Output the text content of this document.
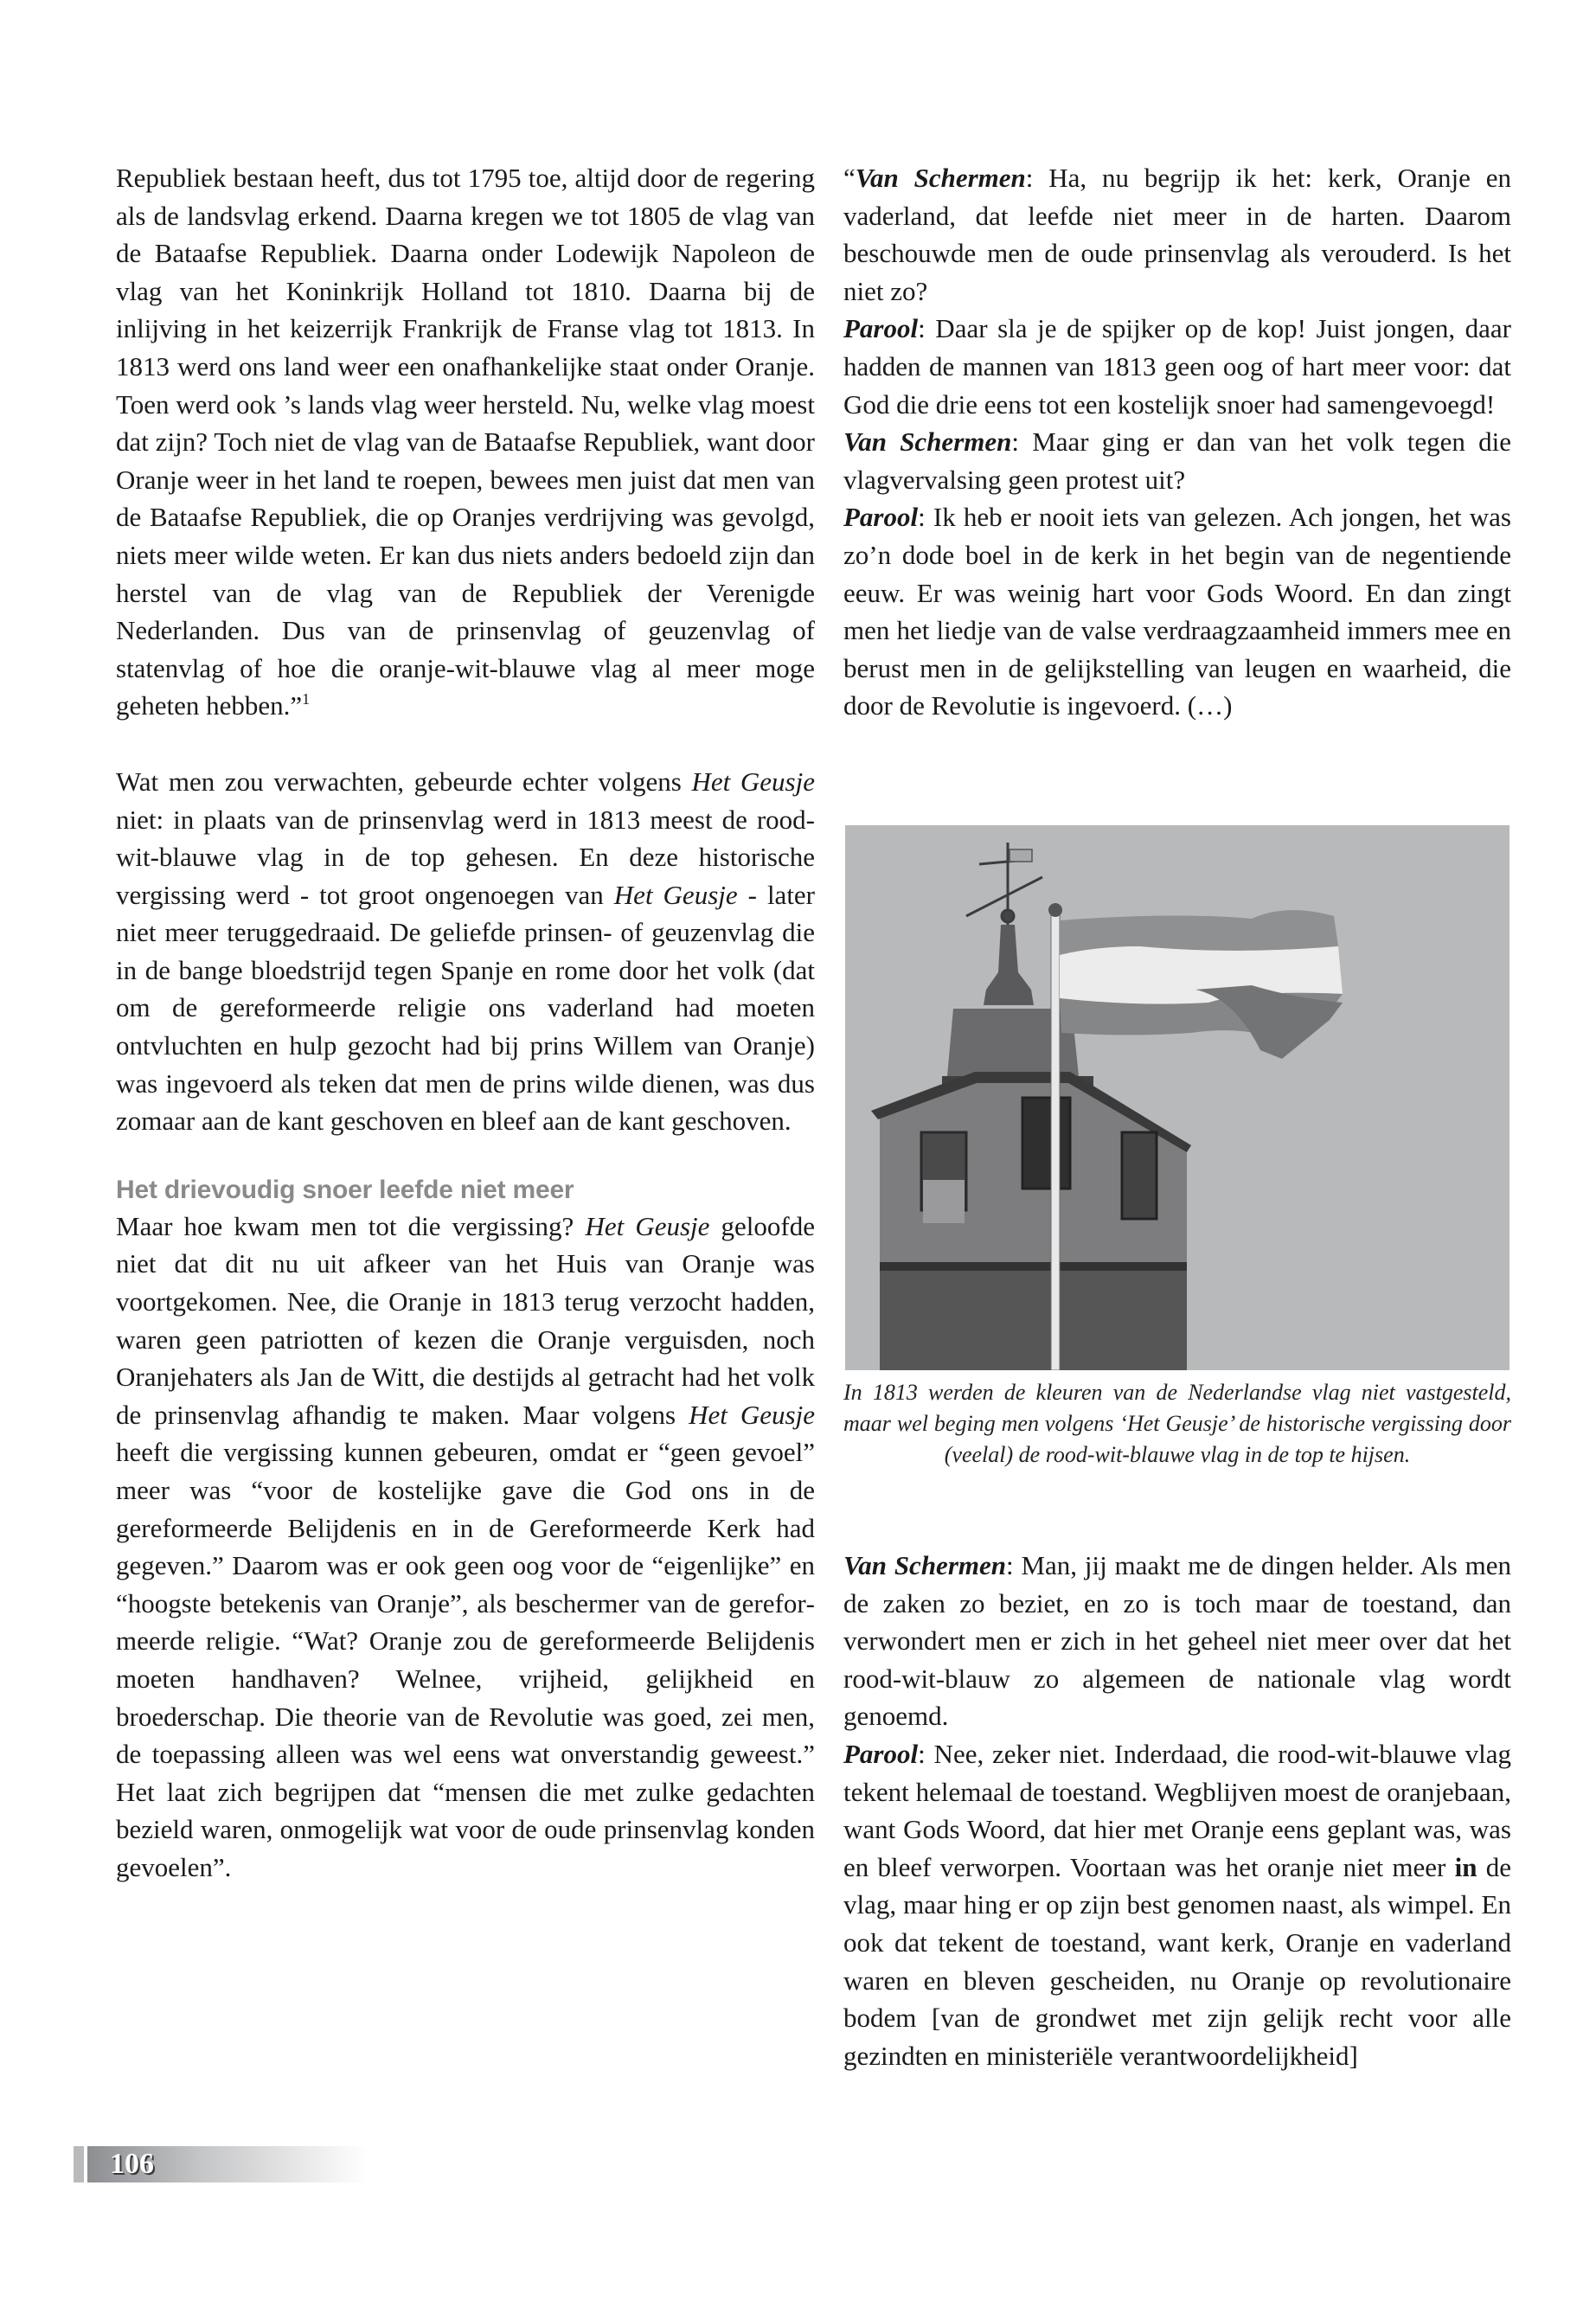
Republiek bestaan heeft, dus tot 1795 toe, altijd door de regering als de landsvlag erkend. Daarna kregen we tot 1805 de vlag van de Bataafse Republiek. Daarna onder Lodewijk Napoleon de vlag van het Koninkrijk Holland tot 1810. Daarna bij de inlijving in het keizerrijk Frankrijk de Franse vlag tot 1813. In 1813 werd ons land weer een onafhankelijke staat onder Oranje. Toen werd ook ’s lands vlag weer hersteld. Nu, welke vlag moest dat zijn? Toch niet de vlag van de Bataafse Republiek, want door Oranje weer in het land te roepen, bewees men juist dat men van de Bataafse Republiek, die op Oranjes verdrijving was gevolgd, niets meer wilde weten. Er kan dus niets anders bedoeld zijn dan herstel van de vlag van de Republiek der Verenigde Nederlanden. Dus van de prinsenvlag of geuzenvlag of statenvlag of hoe die oranje-wit-blauwe vlag al meer moge geheten hebben.”$^1$

Wat men zou verwachten, gebeurde echter volgens Het Geusje niet: in plaats van de prinsenvlag werd in 1813 meest de rood-wit-blauwe vlag in de top gehesen. En deze historische vergissing werd - tot groot ongenoegen van Het Geusje - later niet meer teruggedraaid. De geliefde prinsen- of geuzenvlag die in de bange bloedstrijd tegen Spanje en rome door het volk (dat om de gereformeerde religie ons vaderland had moeten ontvluchten en hulp gezocht had bij prins Willem van Oranje) was ingevoerd als teken dat men de prins wilde dienen, was dus zomaar aan de kant geschoven en bleef aan de kant geschoven.

Het drievoudig snoer leefde niet meer

Maar hoe kwam men tot die vergissing? Het Geusje geloofde niet dat dit nu uit afkeer van het Huis van Oranje was voortgekomen. Nee, die Oranje in 1813 terug verzocht hadden, waren geen patriotten of kezen die Oranje verguisden, noch Oranjehaters als Jan de Witt, die destijds al getracht had het volk de prinsenvlag afhandig te maken. Maar volgens Het Geusje heeft die vergissing kunnen gebeuren, omdat er “geen gevoel” meer was “voor de kostelijke gave die God ons in de gereformeerde Belijdenis en in de Gereformeerde Kerk had gegeven.” Daarom was er ook geen oog voor de “eigenlijke” en “hoogste betekenis van Oranje”, als beschermer van de gereformeerde religie. “Wat? Oranje zou de gereformeerde Belijdenis moeten handhaven? Welnee, vrijheid, gelijkheid en broederschap. Die theorie van de Revolutie was goed, zei men, de toepassing alleen was wel eens wat onverstandig geweest.” Het laat zich begrijpen dat “mensen die met zulke gedachten bezield waren, onmogelijk wat voor de oude prinsenvlag konden gevoelen”.

“Van Schermen: Ha, nu begrijp ik het: kerk, Oranje en vaderland, dat leefde niet meer in de harten. Daarom beschouwde men de oude prinsenvlag als verouderd. Is het niet zo?

Parool: Daar sla je de spijker op de kop! Juist jongen, daar hadden de mannen van 1813 geen oog of hart meer voor: dat God die drie eens tot een kostelijk snoer had samengevoegd!

Van Schermen: Maar ging er dan van het volk tegen die vlagvervalsing geen protest uit?

Parool: Ik heb er nooit iets van gelezen. Ach jongen, het was zo’n dode boel in de kerk in het begin van de negentiende eeuw. Er was weinig hart voor Gods Woord. En dan zingt men het liedje van de valse verdraagzaamheid immers mee en berust men in de gelijkstelling van leugen en waarheid, die door de Revolutie is ingevoerd. (…)

In 1813 werden de kleuren van de Nederlandse vlag niet vastgesteld, maar wel beging men volgens ‘Het Geusje’ de historische vergissing door (veelal) de rood-wit-blauwe vlag in de top te hijsen.

Van Schermen: Man, jij maakt me de dingen helder. Als men de zaken zo beziet, en zo is toch maar de toestand, dan verwondert men er zich in het geheel niet meer over dat het rood-wit-blauw zo algemeen de nationale vlag wordt genoemd.

Parool: Nee, zeker niet. Inderdaad, die rood-wit-blauwe vlag tekent helemaal de toestand. Wegblijven moest de oranjebaan, want Gods Woord, dat hier met Oranje eens geplant was, was en bleef verworpen. Voortaan was het oranje niet meer in de vlag, maar hing er op zijn best genomen naast, als wimpel. En ook dat tekent de toestand, want kerk, Oranje en vaderland waren en bleven gescheiden, nu Oranje op revolutionaire bodem [van de grondwet met zijn gelijk recht voor alle gezindten en ministeriële verantwoordelijkheid]

106
